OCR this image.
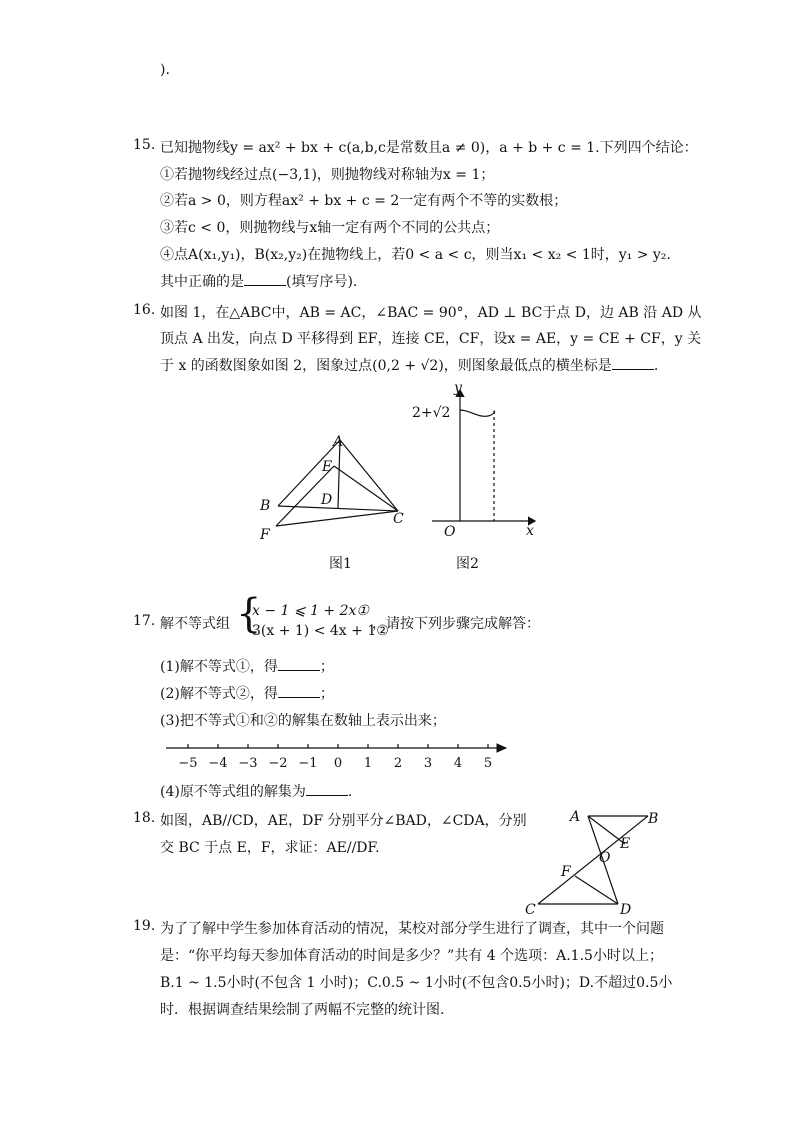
).
15. 已知抛物线y = ax² + bx + c(a,b,c是常数且a ≠ 0)，a + b + c = 1.下列四个结论：
①若抛物线经过点(−3,1)，则抛物线对称轴为x = 1；
②若a > 0，则方程ax² + bx + c = 2一定有两个不等的实数根；
③若c < 0，则抛物线与x轴一定有两个不同的公共点；
④点A(x₁,y₁)，B(x₂,y₂)在抛物线上，若0 < a < c，则当x₁ < x₂ < 1时，y₁ > y₂.
其中正确的是	(填写序号).
16. 如图 1，在△ABC中，AB = AC，∠BAC = 90°，AD ⊥ BC于点 D，边 AB 沿 AD 从
顶点 A 出发，向点 D 平移得到 EF，连接 CE，CF，设x = AE，y = CE + CF，y 关
于 x 的函数图象如图 2，图象过点(0,2 + √2)，则图象最低点的横坐标是	.
A
E
D
B
C
F
图1
y
x
O
2+√2
图2
17. 解不等式组 {
x − 1 ⩽ 1 + 2x①
3(x + 1) < 4x + 1②
，请按下列步骤完成解答：
(1)解不等式①，得	；
(2)解不等式②，得	；
(3)把不等式①和②的解集在数轴上表示出来；
−5 −4 −3 −2 −1 0 1 2 3 4 5
(4)原不等式组的解集为	.
18. 如图，AB//CD，AE，DF 分别平分∠BAD，∠CDA，分别
交 BC 于点 E，F，求证：AE//DF.
A	B
E
O
F
C	D
19. 为了了解中学生参加体育活动的情况，某校对部分学生进行了调查，其中一个问题
是：“你平均每天参加体育活动的时间是多少？”共有 4 个选项：A.1.5小时以上；
B.1 ~ 1.5小时(不包含 1 小时)；C.0.5 ~ 1小时(不包含0.5小时)；D.不超过0.5小
时．根据调查结果绘制了两幅不完整的统计图.
